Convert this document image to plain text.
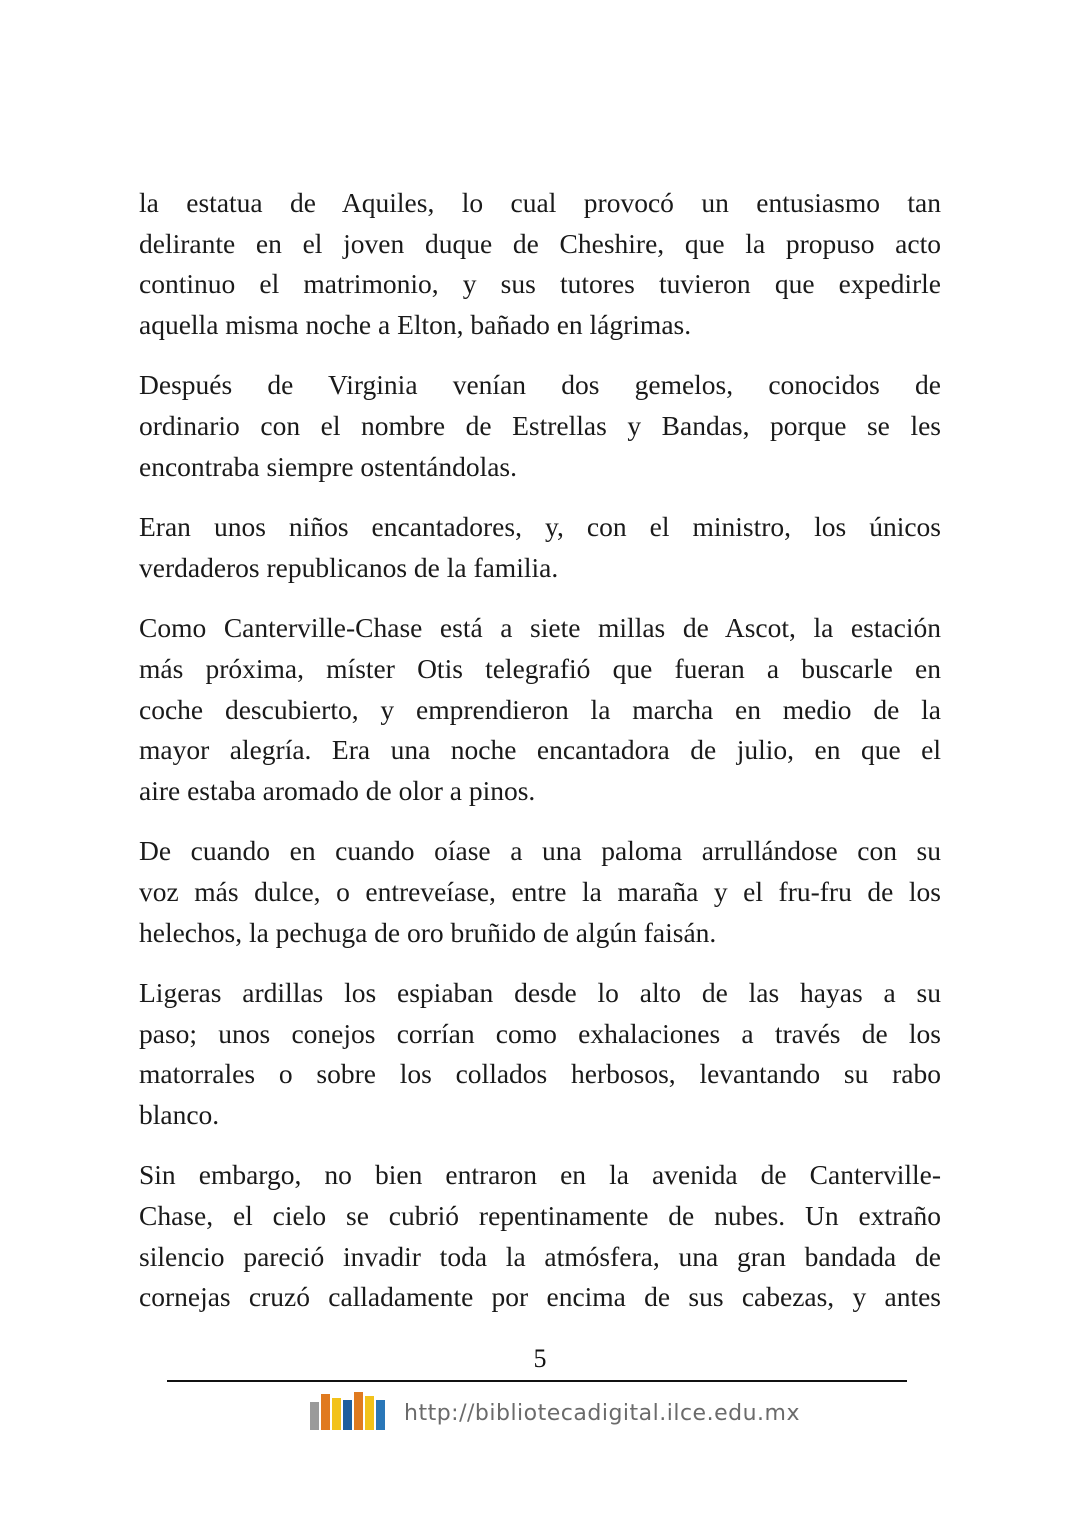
la estatua de Aquiles, lo cual provocó un entusiasmo tan
delirante en el joven duque de Cheshire, que la propuso acto
continuo el matrimonio, y sus tutores tuvieron que expedirle
aquella misma noche a Elton, bañado en lágrimas.
Después de Virginia venían dos gemelos, conocidos de
ordinario con el nombre de Estrellas y Bandas, porque se les
encontraba siempre ostentándolas.
Eran unos niños encantadores, y, con el ministro, los únicos
verdaderos republicanos de la familia.
Como Canterville-Chase está a siete millas de Ascot, la estación
más próxima, míster Otis telegrafió que fueran a buscarle en
coche descubierto, y emprendieron la marcha en medio de la
mayor alegría. Era una noche encantadora de julio, en que el
aire estaba aromado de olor a pinos.
De cuando en cuando oíase a una paloma arrullándose con su
voz más dulce, o entreveíase, entre la maraña y el fru-fru de los
helechos, la pechuga de oro bruñido de algún faisán.
Ligeras ardillas los espiaban desde lo alto de las hayas a su
paso; unos conejos corrían como exhalaciones a través de los
matorrales o sobre los collados herbosos, levantando su rabo
blanco.
Sin embargo, no bien entraron en la avenida de Canterville-
Chase, el cielo se cubrió repentinamente de nubes. Un extraño
silencio pareció invadir toda la atmósfera, una gran bandada de
cornejas cruzó calladamente por encima de sus cabezas, y antes
5
http://bibliotecadigital.ilce.edu.mx
